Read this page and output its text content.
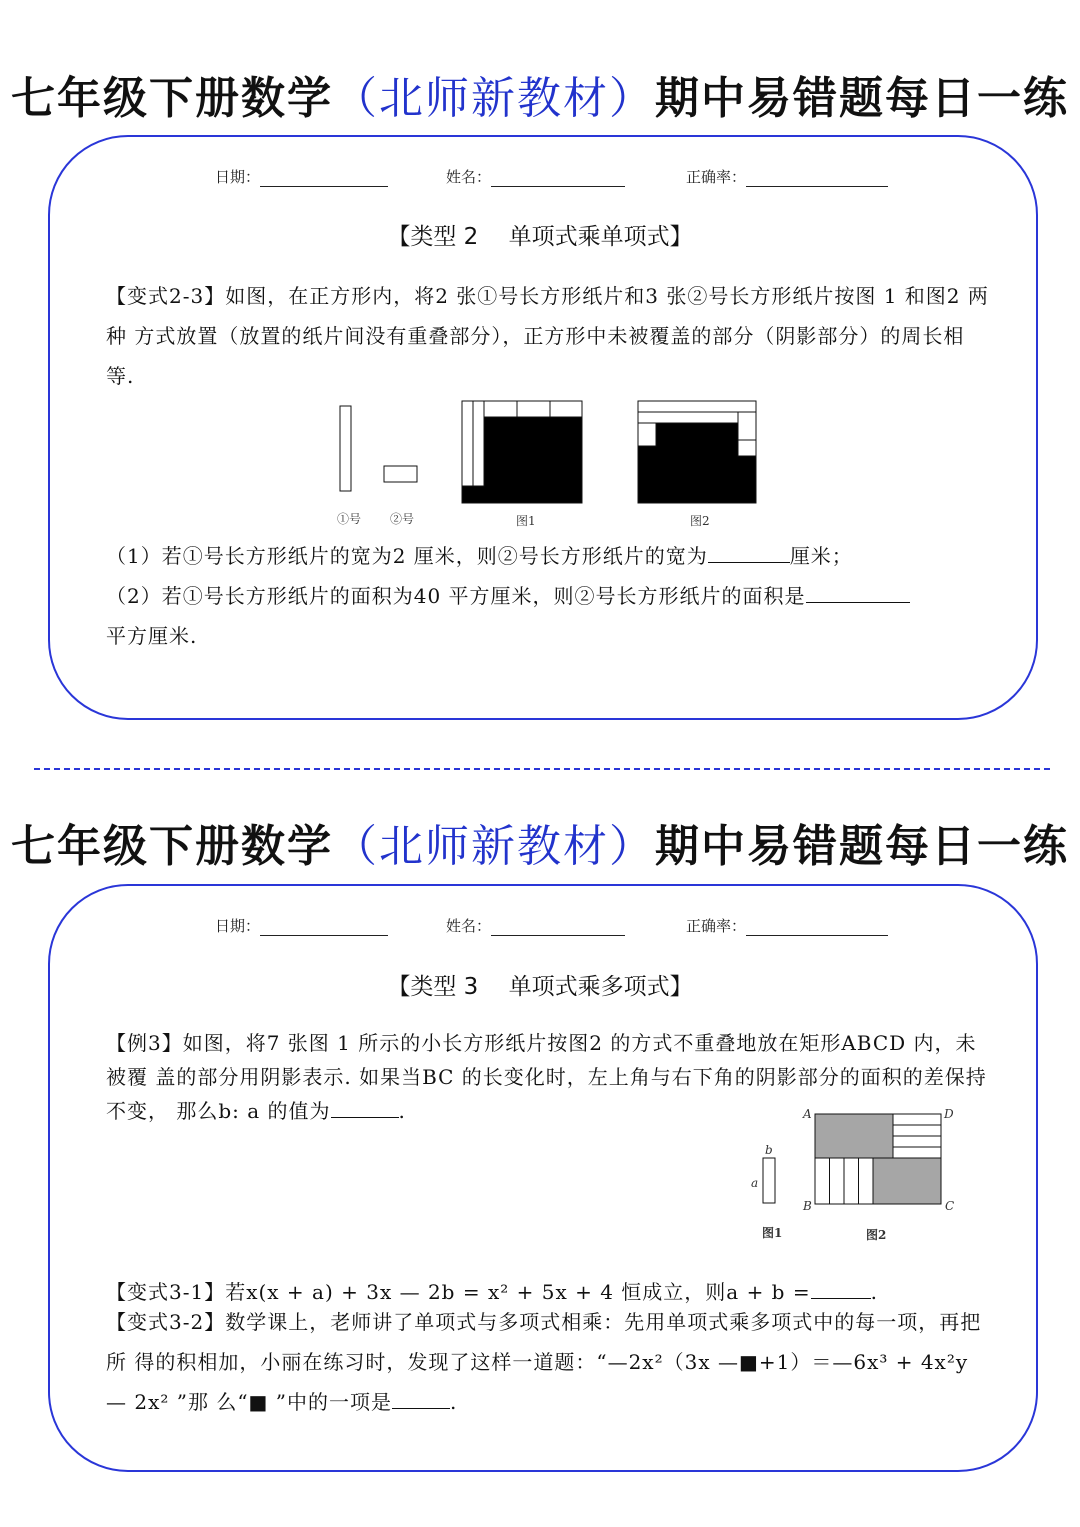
七年级下册数学（北师新教材）期中易错题每日一练
日期：	姓名：	正确率：
【类型 2　 单项式乘单项式】
【变式2-3】如图，在正方形内，将2 张①号长方形纸片和3 张②号长方形纸片按图 1 和图2 两种 方式放置（放置的纸片间没有重叠部分），正方形中未被覆盖的部分（阴影部分）的周长相等.
①号 ②号	图1	图2
（1）若①号长方形纸片的宽为2 厘米，则②号长方形纸片的宽为	厘米；
（2）若①号长方形纸片的面积为40 平方厘米，则②号长方形纸片的面积是
平方厘米.
七年级下册数学（北师新教材）期中易错题每日一练
日期：	姓名：	正确率：
【类型 3　 单项式乘多项式】
【例3】如图，将7 张图 1 所示的小长方形纸片按图2 的方式不重叠地放在矩形ABCD 内，未被覆 盖的部分用阴影表示. 如果当BC 的长变化时，左上角与右下角的阴影部分的面积的差保持不变， 那么b: a 的值为	.
b
a
A	D
B	C
图1	图2
【变式3-1】若x(x + a) + 3x — 2b = x² + 5x + 4 恒成立，则a + b =	.
【变式3-2】数学课上，老师讲了单项式与多项式相乘：先用单项式乘多项式中的每一项，再把所 得的积相加，小丽在练习时，发现了这样一道题：“—2x²（3x —■+1）＝—6x³ + 4x²y — 2x² ”那 么“■ ”中的一项是	.
